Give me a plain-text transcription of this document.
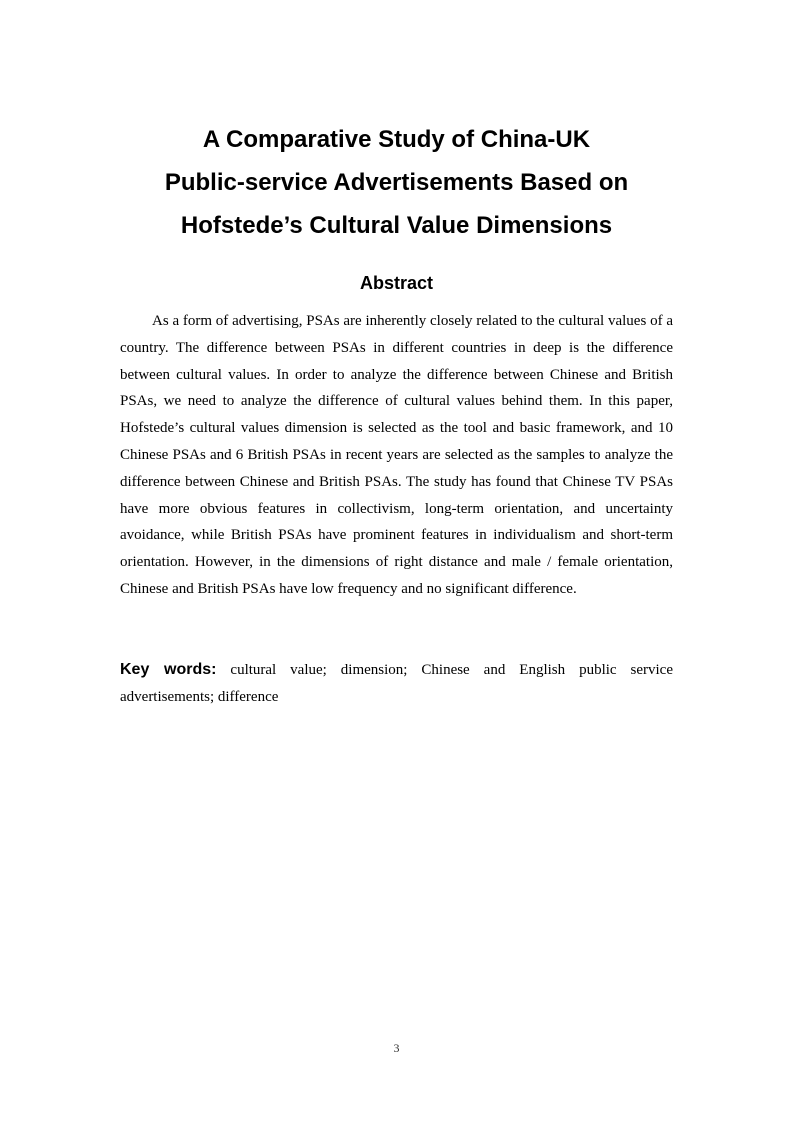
A Comparative Study of China-UK
Public-service Advertisements Based on
Hofstede’s Cultural Value Dimensions
Abstract

As a form of advertising, PSAs are inherently closely related to the cultural values of a country. The difference between PSAs in different countries in deep is the difference between cultural values. In order to analyze the difference between Chinese and British PSAs, we need to analyze the difference of cultural values behind them. In this paper, Hofstede’s cultural values dimension is selected as the tool and basic framework, and 10 Chinese PSAs and 6 British PSAs in recent years are selected as the samples to analyze the difference between Chinese and British PSAs. The study has found that Chinese TV PSAs have more obvious features in collectivism, long-term orientation, and uncertainty avoidance, while British PSAs have prominent features in individualism and short-term orientation. However, in the dimensions of right distance and male / female orientation, Chinese and British PSAs have low frequency and no significant difference.

Key words: cultural value; dimension; Chinese and English public service advertisements; difference

3
